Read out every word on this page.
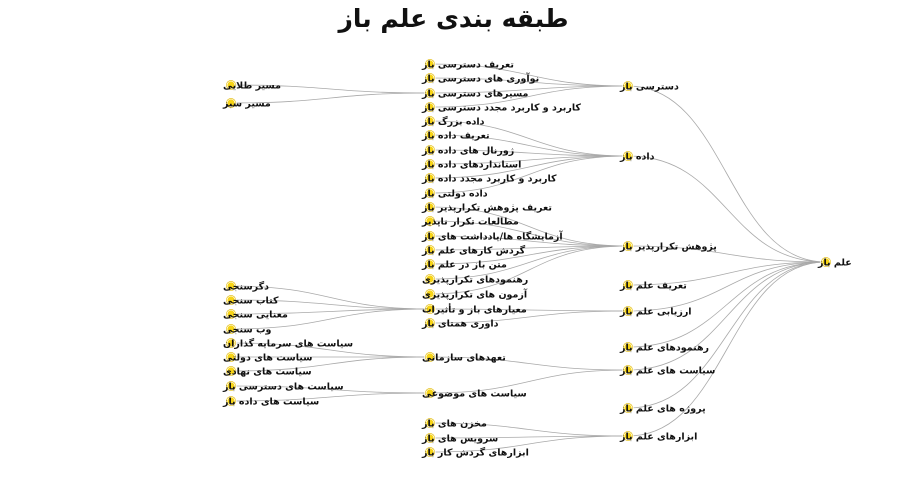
طبقه بندی علم باز
علم باز
دسترسی باز
تعریف دسترسی باز
نوآوری های دسترسی باز
مسیرهای دسترسی باز
مسیر طلایی
مسیر سبز	کاربرد و کاربرد مجدد دسترسی باز
داده باز
داده بزرگ باز
تعریف داده باز
ژورنال های داده باز
استانداردهای داده باز
کاربرد و کاربرد مجدد داده باز
داده دولتی باز
پژوهش تکرارپذیر باز
تعریف پژوهش تکرارپذیر باز
مطالعات تکرار ناپذیر
آزمایشگاه ها/یادداشت های باز
گردش کارهای علم باز
متن باز در علم باز
رهنمودهای تکرارپذیری
آزمون های تکرارپذیری
تعریف علم باز
ارزیابی علم باز
معیارهای باز و تأثیرات
دگرسنجی
کتاب سنجی
معنایی سنجی
وب سنجی
داوری همتای باز
رهنمودهای علم باز
سیاست های علم باز
تعهدهای سازمانی
سیاست های سرمایه گذاران
سیاست های دولتی
سیاست های نهادی
سیاست های موضوعی
سیاست های دسترسی باز
سیاست های داده باز
پروژه های علم باز
ابزارهای علم باز
مخزن های باز
سرویس های باز
ابزارهای گردش کار باز
